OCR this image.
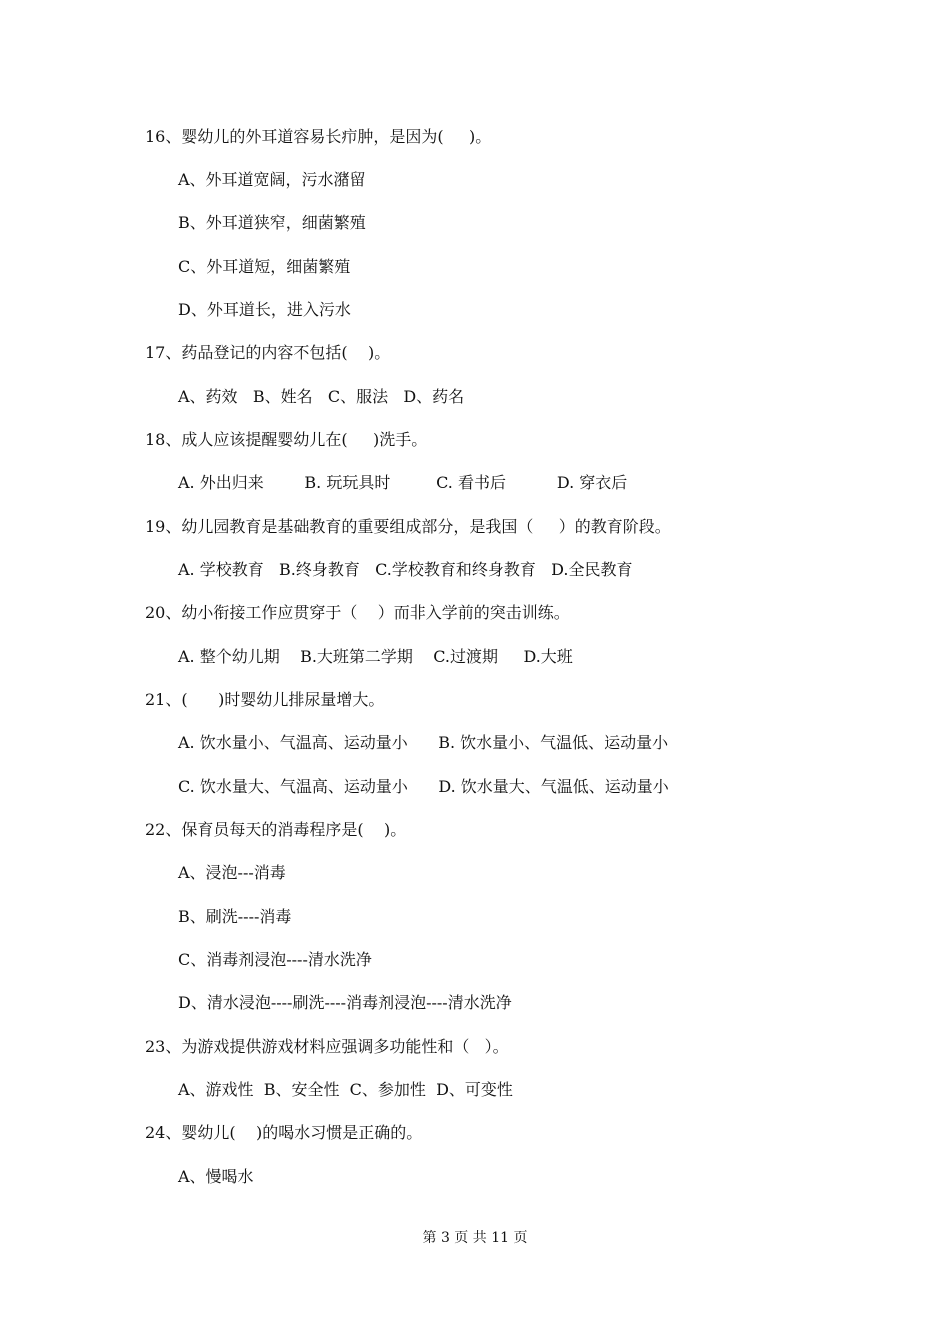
16、婴幼儿的外耳道容易长疖肿，是因为(     )。
A、外耳道宽阔，污水潴留
B、外耳道狭窄，细菌繁殖
C、外耳道短，细菌繁殖
D、外耳道长，进入污水
17、药品登记的内容不包括(    )。
A、药效   B、姓名   C、服法   D、药名
18、成人应该提醒婴幼儿在(     )洗手。
A. 外出归来        B. 玩玩具时         C. 看书后          D. 穿衣后
19、幼儿园教育是基础教育的重要组成部分，是我国（     ）的教育阶段。
A. 学校教育   B.终身教育   C.学校教育和终身教育   D.全民教育
20、幼小衔接工作应贯穿于（    ）而非入学前的突击训练。
A. 整个幼儿期    B.大班第二学期    C.过渡期     D.大班
21、(      )时婴幼儿排尿量增大。
A. 饮水量小、气温高、运动量小      B. 饮水量小、气温低、运动量小
C. 饮水量大、气温高、运动量小      D. 饮水量大、气温低、运动量小
22、保育员每天的消毒程序是(    )。
A、浸泡---消毒
B、刷洗----消毒
C、消毒剂浸泡----清水洗净
D、清水浸泡----刷洗----消毒剂浸泡----清水洗净
23、为游戏提供游戏材料应强调多功能性和（   ）。
A、游戏性  B、安全性  C、参加性  D、可变性
24、婴幼儿(    )的喝水习惯是正确的。
A、慢喝水
第 3 页 共 11 页
